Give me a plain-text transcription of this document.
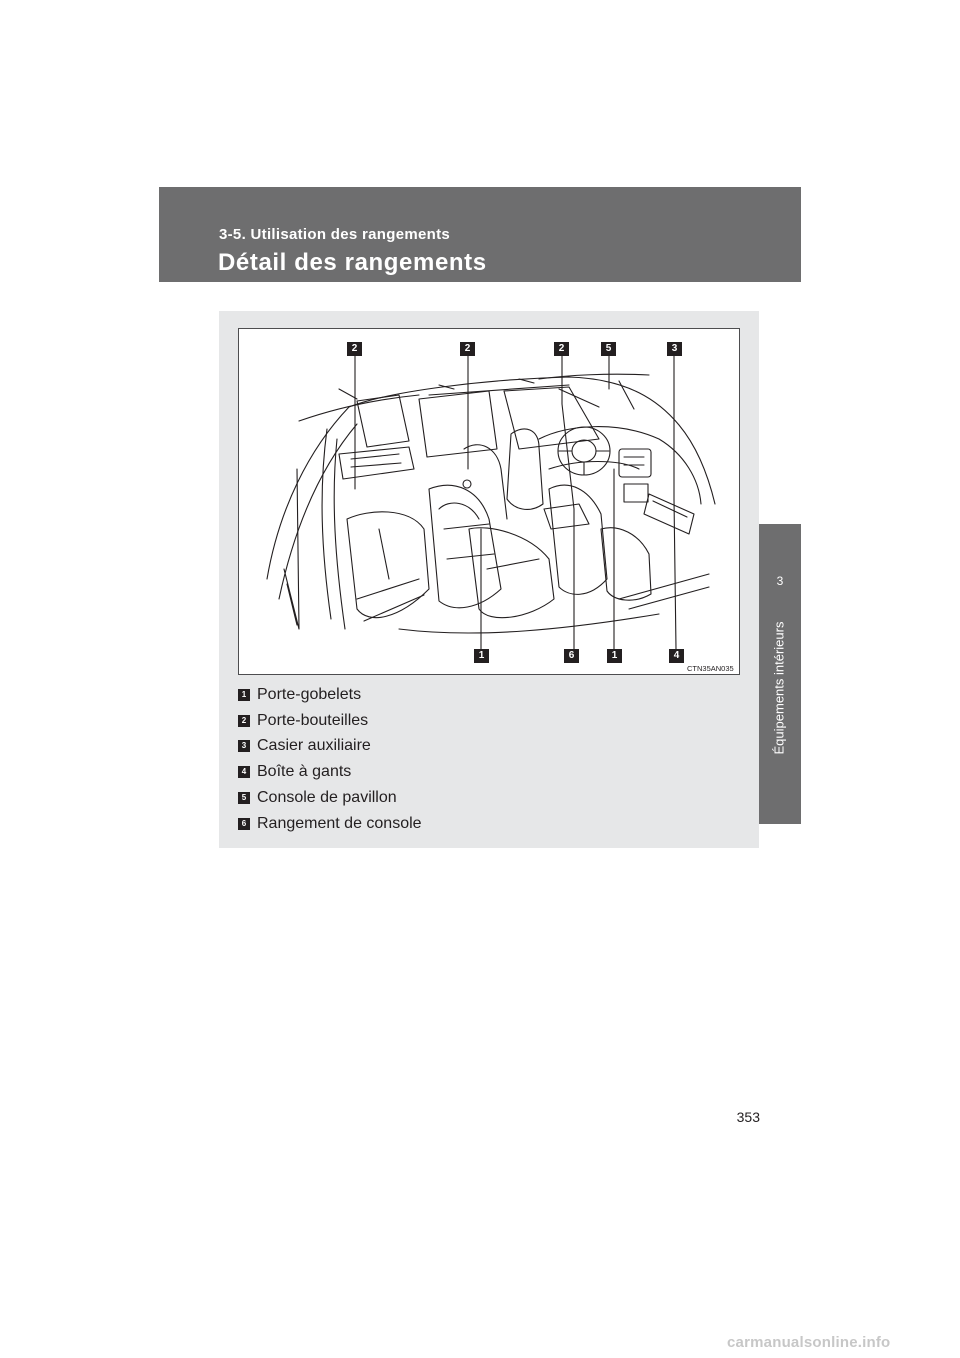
3-5. Utilisation des rangements
Détail des rangements
3
Équipements intérieurs
2	2	2	5	3
1	6	1	4
CTN35AN035
1 Porte-gobelets
2 Porte-bouteilles
3 Casier auxiliaire
4 Boîte à gants
5 Console de pavillon
6 Rangement de console
353
carmanualsonline.info
